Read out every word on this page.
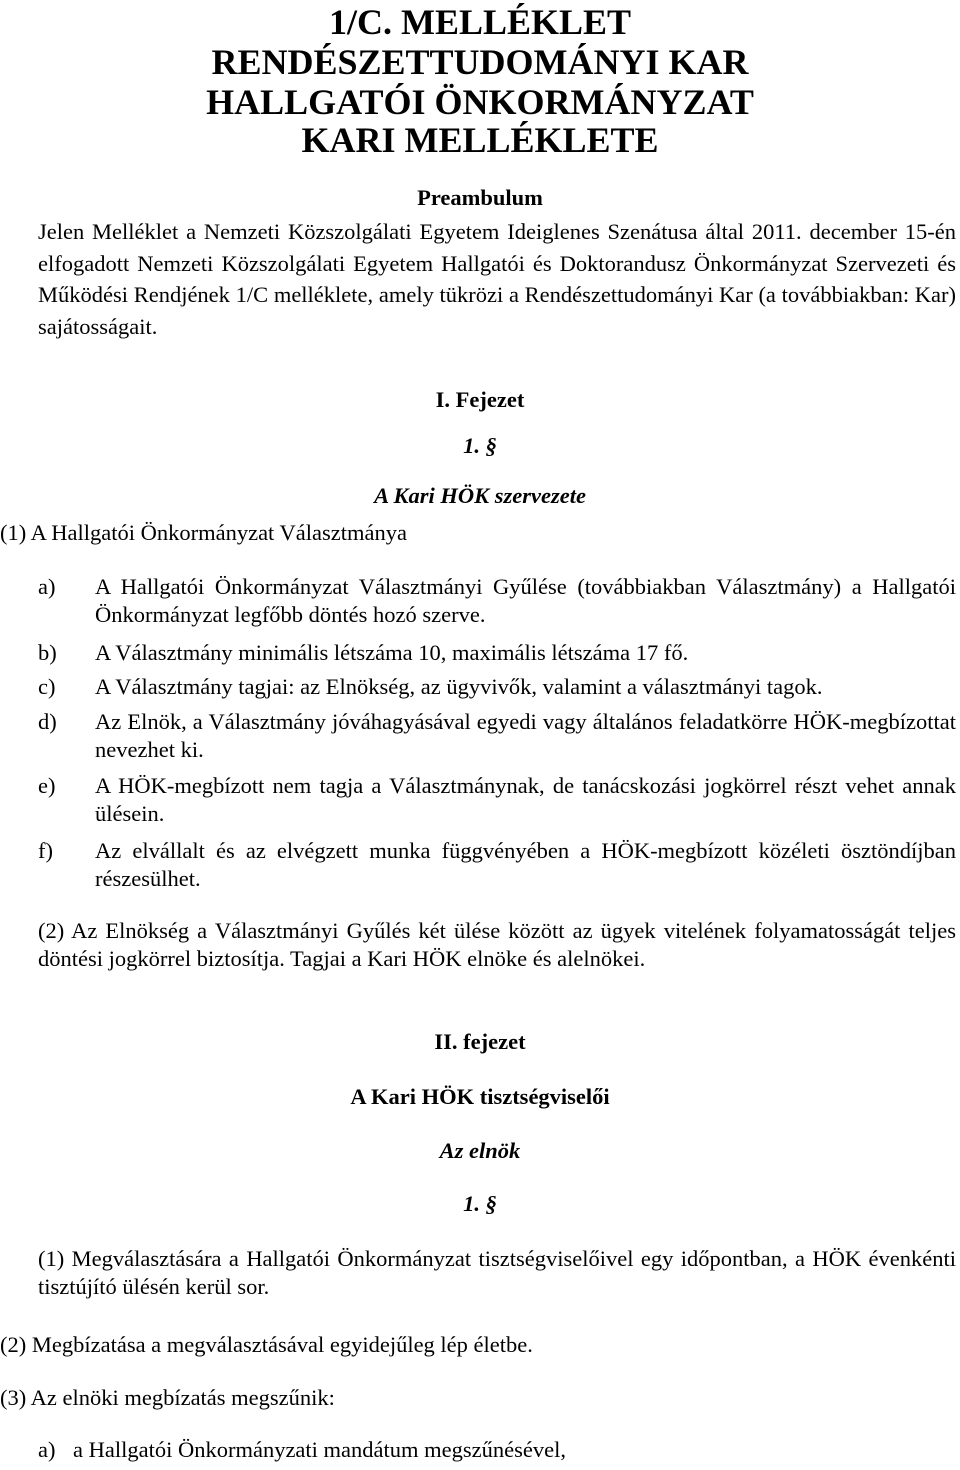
1/C. MELLÉKLET
RENDÉSZETTUDOMÁNYI KAR
HALLGATÓI ÖNKORMÁNYZAT
KARI MELLÉKLETE
Preambulum
Jelen Melléklet a Nemzeti Közszolgálati Egyetem Ideiglenes Szenátusa által 2011. december 15-én elfogadott Nemzeti Közszolgálati Egyetem Hallgatói és Doktorandusz Önkormányzat Szervezeti és Működési Rendjének 1/C melléklete, amely tükrözi a Rendészettudományi Kar (a továbbiakban: Kar) sajátosságait.
I. Fejezet
1. §
A Kari HÖK szervezete
(1) A Hallgatói Önkormányzat Választmánya
a) A Hallgatói Önkormányzat Választmányi Gyűlése (továbbiakban Választmány) a Hallgatói Önkormányzat legfőbb döntés hozó szerve.
b) A Választmány minimális létszáma 10, maximális létszáma 17 fő.
c) A Választmány tagjai: az Elnökség, az ügyvivők, valamint a választmányi tagok.
d) Az Elnök, a Választmány jóváhagyásával egyedi vagy általános feladatkörre HÖK-megbízottat nevezhet ki.
e) A HÖK-megbízott nem tagja a Választmánynak, de tanácskozási jogkörrel részt vehet annak ülésein.
f) Az elvállalt és az elvégzett munka függvényében a HÖK-megbízott közéleti ösztöndíjban részesülhet.
(2) Az Elnökség a Választmányi Gyűlés két ülése között az ügyek vitelének folyamatosságát teljes döntési jogkörrel biztosítja. Tagjai a Kari HÖK elnöke és alelnökei.
II. fejezet
A Kari HÖK tisztségviselői
Az elnök
1. §
(1) Megválasztására a Hallgatói Önkormányzat tisztségviselőivel egy időpontban, a HÖK évenkénti tisztújító ülésén kerül sor.
(2) Megbízatása a megválasztásával egyidejűleg lép életbe.
(3) Az elnöki megbízatás megszűnik:
a) a Hallgatói Önkormányzati mandátum megszűnésével,
